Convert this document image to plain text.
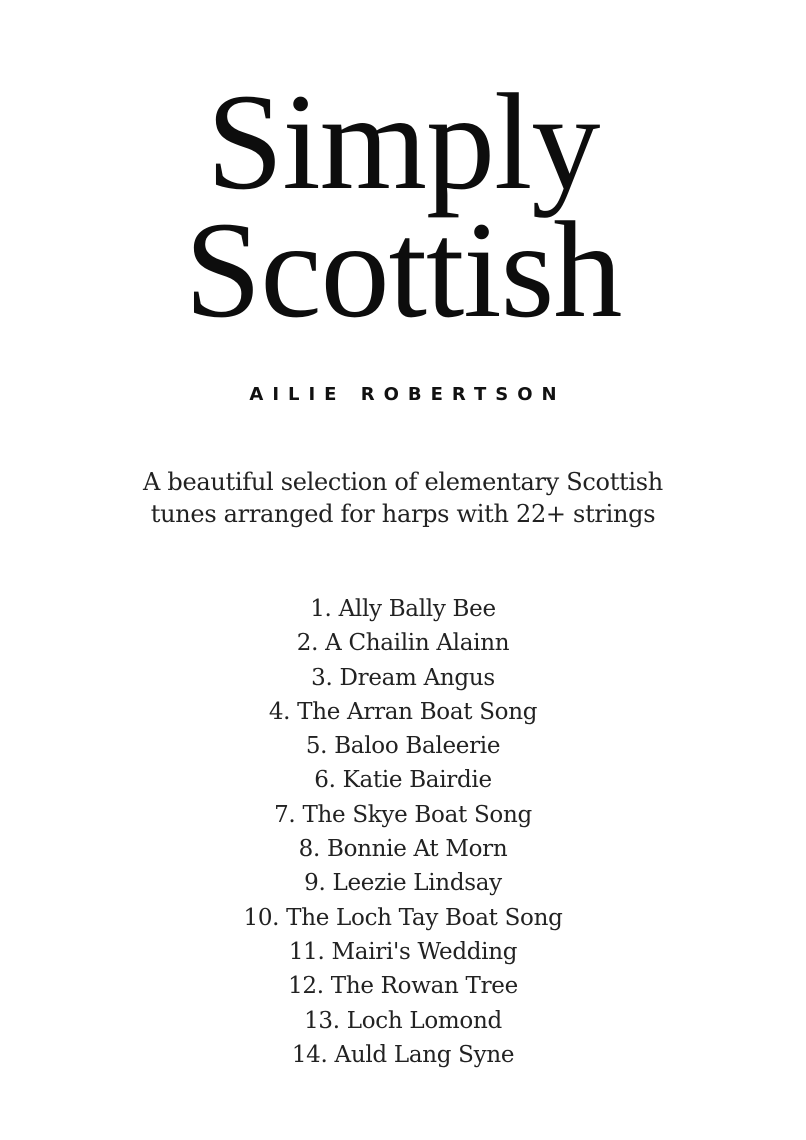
Simply
Scottish
AILIE ROBERTSON

A beautiful selection of elementary Scottish
tunes arranged for harps with 22+ strings

1. Ally Bally Bee
2. A Chailin Alainn
3. Dream Angus
4. The Arran Boat Song
5. Baloo Baleerie
6. Katie Bairdie
7. The Skye Boat Song
8. Bonnie At Morn
9. Leezie Lindsay
10. The Loch Tay Boat Song
11. Mairi's Wedding
12. The Rowan Tree
13. Loch Lomond
14. Auld Lang Syne
